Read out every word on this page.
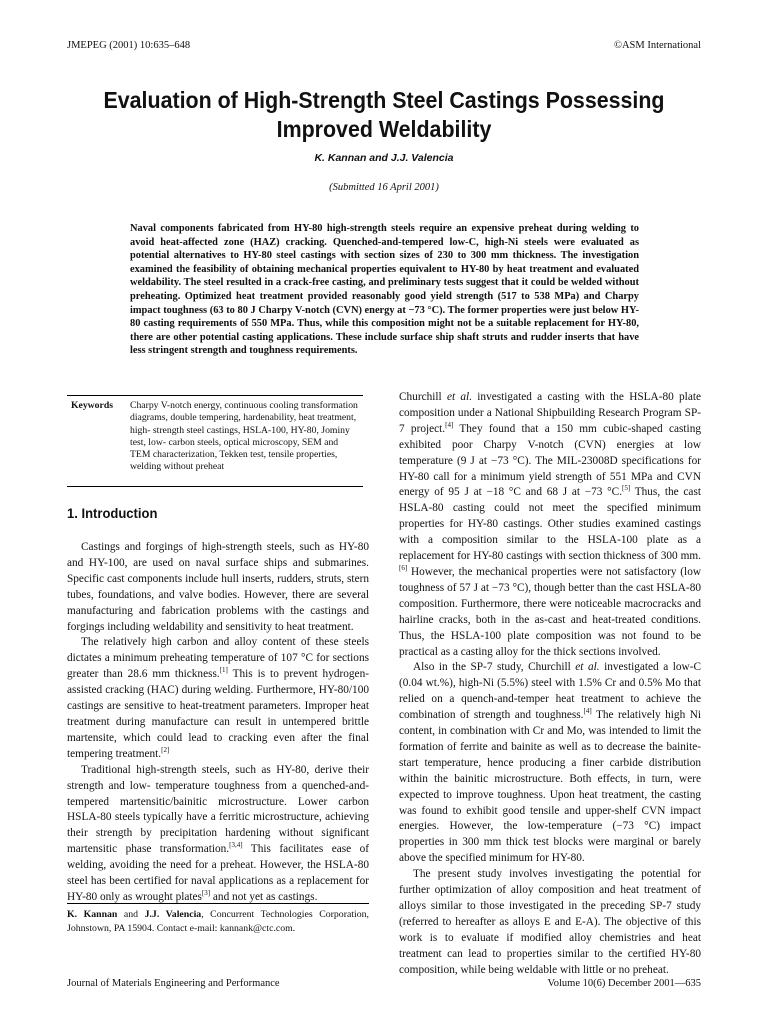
JMEPEG (2001) 10:635–648	©ASM International
Evaluation of High-Strength Steel Castings Possessing Improved Weldability
K. Kannan and J.J. Valencia
(Submitted 16 April 2001)

Naval components fabricated from HY-80 high-strength steels require an expensive preheat during welding to avoid heat-affected zone (HAZ) cracking. Quenched-and-tempered low-C, high-Ni steels were evaluated as potential alternatives to HY-80 steel castings with section sizes of 230 to 300 mm thickness. The investigation examined the feasibility of obtaining mechanical properties equivalent to HY-80 by heat treatment and evaluated weldability. The steel resulted in a crack-free casting, and preliminary tests suggest that it could be welded without preheating. Optimized heat treatment provided reasonably good yield strength (517 to 538 MPa) and Charpy impact toughness (63 to 80 J Charpy V-notch (CVN) energy at −73 °C). The former properties were just below HY-80 casting requirements of 550 MPa. Thus, while this composition might not be a suitable replacement for HY-80, there are other potential casting applications. These include surface ship shaft struts and rudder inserts that have less stringent strength and toughness requirements.

Keywords Charpy V-notch energy, continuous cooling transformation diagrams, double tempering, hardenability, heat treatment, high- strength steel castings, HSLA-100, HY-80, Jominy test, low- carbon steels, optical microscopy, SEM and TEM characterization, Tekken test, tensile properties, welding without preheat
1. Introduction

Castings and forgings of high-strength steels, such as HY-80 and HY-100, are used on naval surface ships and submarines. Specific cast components include hull inserts, rudders, struts, stern tubes, foundations, and valve bodies. However, there are several manufacturing and fabrication problems with the castings and forgings including weldability and sensitivity to heat treatment.

The relatively high carbon and alloy content of these steels dictates a minimum preheating temperature of 107 °C for sections greater than 28.6 mm thickness.[1] This is to prevent hydrogen-assisted cracking (HAC) during welding. Furthermore, HY-80/100 castings are sensitive to heat-treatment parameters. Improper heat treatment during manufacture can result in untempered brittle martensite, which could lead to cracking even after the final tempering treatment.[2]

Traditional high-strength steels, such as HY-80, derive their strength and low- temperature toughness from a quenched-and-tempered martensitic/bainitic microstructure. Lower carbon HSLA-80 steels typically have a ferritic microstructure, achieving their strength by precipitation hardening without significant martensitic phase transformation.[3,4] This facilitates ease of welding, avoiding the need for a preheat. However, the HSLA-80 steel has been certified for naval applications as a replacement for HY-80 only as wrought plates[3] and not yet as castings.

K. Kannan and J.J. Valencia, Concurrent Technologies Corporation, Johnstown, PA 15904. Contact e-mail: kannank@ctc.com.

Churchill et al. investigated a casting with the HSLA-80 plate composition under a National Shipbuilding Research Program SP-7 project.[4] They found that a 150 mm cubic-shaped casting exhibited poor Charpy V-notch (CVN) energies at low temperature (9 J at −73 °C). The MIL-23008D specifications for HY-80 call for a minimum yield strength of 551 MPa and CVN energy of 95 J at −18 °C and 68 J at −73 °C.[5] Thus, the cast HSLA-80 casting could not meet the specified minimum properties for HY-80 castings. Other studies examined castings with a composition similar to the HSLA-100 plate as a replacement for HY-80 castings with section thickness of 300 mm.[6] However, the mechanical properties were not satisfactory (low toughness of 57 J at −73 °C), though better than the cast HSLA-80 composition. Furthermore, there were noticeable macrocracks and hairline cracks, both in the as-cast and heat-treated conditions. Thus, the HSLA-100 plate composition was not found to be practical as a casting alloy for the thick sections involved.

Also in the SP-7 study, Churchill et al. investigated a low-C (0.04 wt.%), high-Ni (5.5%) steel with 1.5% Cr and 0.5% Mo that relied on a quench-and-temper heat treatment to achieve the combination of strength and toughness.[4] The relatively high Ni content, in combination with Cr and Mo, was intended to limit the formation of ferrite and bainite as well as to decrease the bainite-start temperature, hence producing a finer carbide distribution within the bainitic microstructure. Both effects, in turn, were expected to improve toughness. Upon heat treatment, the casting was found to exhibit good tensile and upper-shelf CVN impact energies. However, the low-temperature (−73 °C) impact properties in 300 mm thick test blocks were marginal or barely above the specified minimum for HY-80.

The present study involves investigating the potential for further optimization of alloy composition and heat treatment of alloys similar to those investigated in the preceding SP-7 study (referred to hereafter as alloys E and E-A). The objective of this work is to evaluate if modified alloy chemistries and heat treatment can lead to properties similar to the certified HY-80 composition, while being weldable with little or no preheat.

Journal of Materials Engineering and Performance	Volume 10(6) December 2001—635
